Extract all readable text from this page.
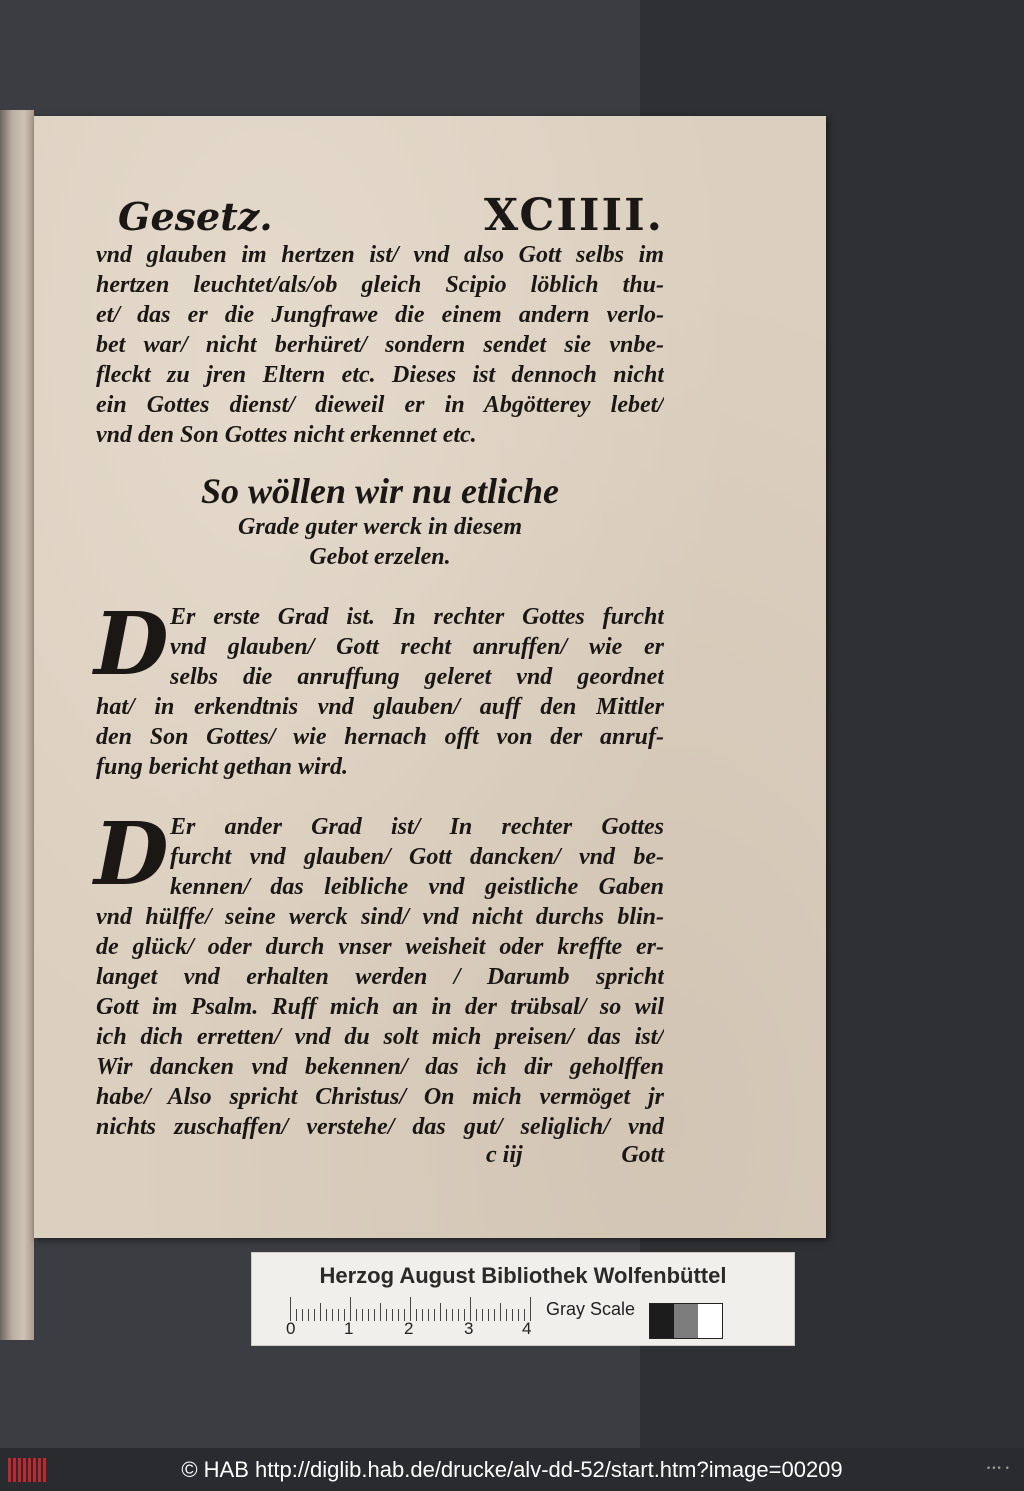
Gesetz.	XCIIII.
vnd glauben im hertzen ist/ vnd also Gott selbs im
hertzen leuchtet/als/ob gleich Scipio löblich thu-
et/ das er die Jungfrawe die einem andern verlo-
bet war/ nicht berhüret/ sondern sendet sie vnbe-
fleckt zu jren Eltern etc. Dieses ist dennoch nicht
ein Gottes dienst/ dieweil er in Abgötterey lebet/
vnd den Son Gottes nicht erkennet etc.
So wöllen wir nu etliche
Grade guter werck in diesem
Gebot erzelen.
D Er erste Grad ist. In rechter Gottes furcht
vnd glauben/ Gott recht anruffen/ wie er
selbs die anruffung geleret vnd geordnet
hat/ in erkendtnis vnd glauben/ auff den Mittler
den Son Gottes/ wie hernach offt von der anruf-
fung bericht gethan wird.
D Er ander Grad ist/ In rechter Gottes
furcht vnd glauben/ Gott dancken/ vnd be-
kennen/ das leibliche vnd geistliche Gaben
vnd hülffe/ seine werck sind/ vnd nicht durchs blin-
de glück/ oder durch vnser weisheit oder kreffte er-
langet vnd erhalten werden / Darumb spricht
Gott im Psalm. Ruff mich an in der trübsal/ so wil
ich dich erretten/ vnd du solt mich preisen/ das ist/
Wir dancken vnd bekennen/ das ich dir geholffen
habe/ Also spricht Christus/ On mich vermöget jr
nichts zuschaffen/ verstehe/ das gut/ seliglich/ vnd
c iij	Gott
Herzog August Bibliothek Wolfenbüttel
0	1	2	3	4
Gray Scale
© HAB http://diglib.hab.de/drucke/alv-dd-52/start.htm?image=00209	••• •
